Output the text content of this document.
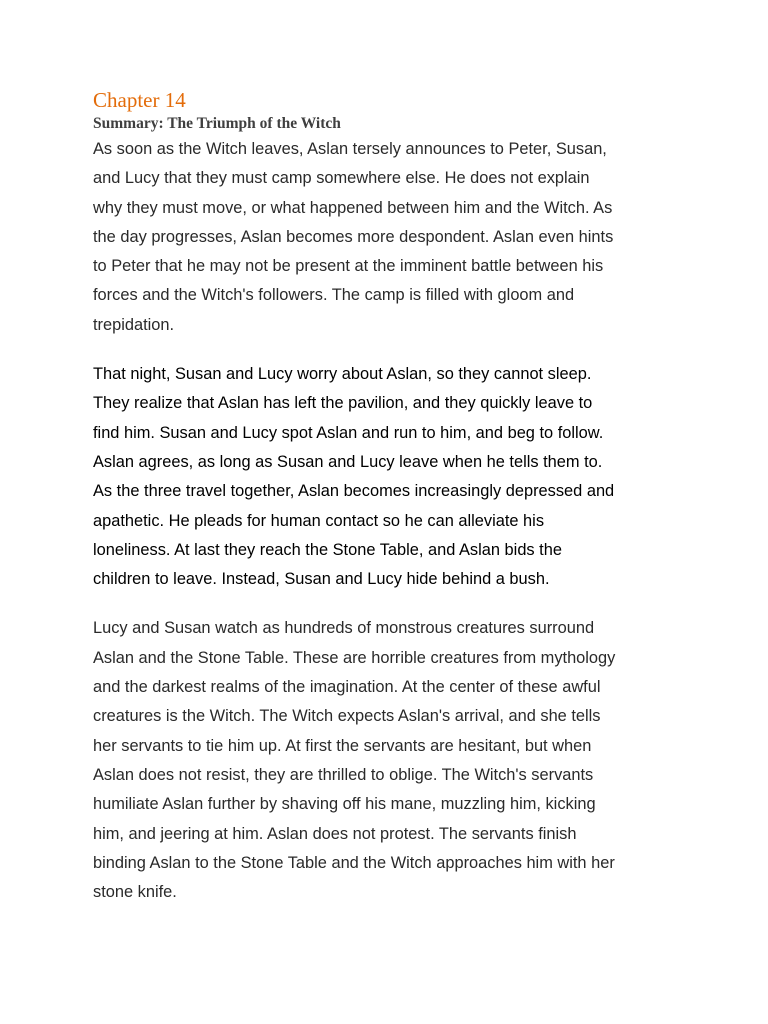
Chapter 14
Summary: The Triumph of the Witch

As soon as the Witch leaves, Aslan tersely announces to Peter, Susan,
and Lucy that they must camp somewhere else. He does not explain
why they must move, or what happened between him and the Witch. As
the day progresses, Aslan becomes more despondent. Aslan even hints
to Peter that he may not be present at the imminent battle between his
forces and the Witch's followers. The camp is filled with gloom and
trepidation.

That night, Susan and Lucy worry about Aslan, so they cannot sleep.
They realize that Aslan has left the pavilion, and they quickly leave to
find him. Susan and Lucy spot Aslan and run to him, and beg to follow.
Aslan agrees, as long as Susan and Lucy leave when he tells them to.
As the three travel together, Aslan becomes increasingly depressed and
apathetic. He pleads for human contact so he can alleviate his
loneliness. At last they reach the Stone Table, and Aslan bids the
children to leave. Instead, Susan and Lucy hide behind a bush.

Lucy and Susan watch as hundreds of monstrous creatures surround
Aslan and the Stone Table. These are horrible creatures from mythology
and the darkest realms of the imagination. At the center of these awful
creatures is the Witch. The Witch expects Aslan's arrival, and she tells
her servants to tie him up. At first the servants are hesitant, but when
Aslan does not resist, they are thrilled to oblige. The Witch's servants
humiliate Aslan further by shaving off his mane, muzzling him, kicking
him, and jeering at him. Aslan does not protest. The servants finish
binding Aslan to the Stone Table and the Witch approaches him with her
stone knife.
